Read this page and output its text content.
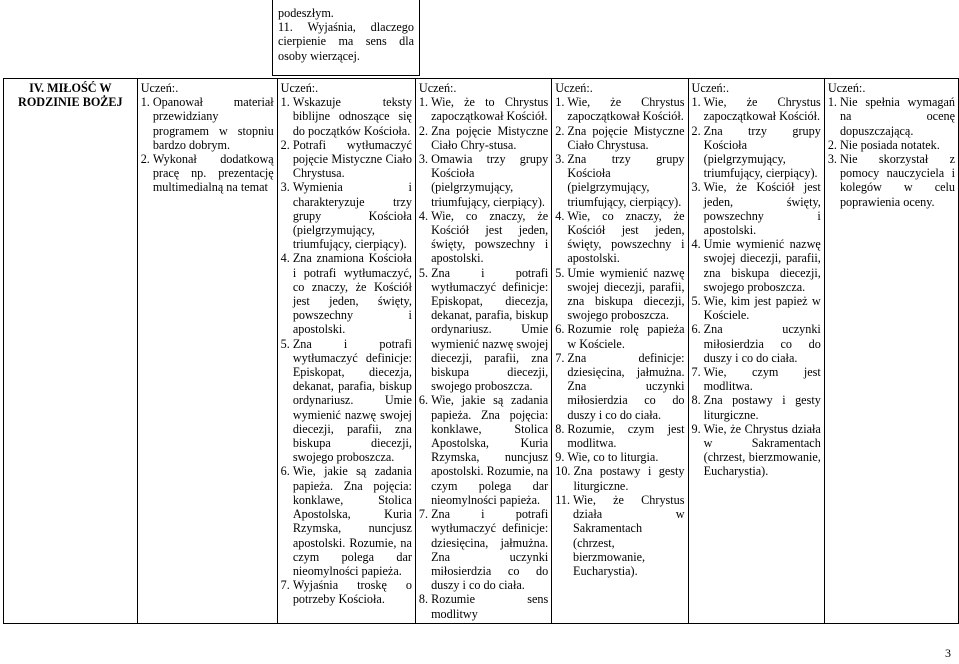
podeszłym.
11. Wyjaśnia, dlaczego cierpienie ma sens dla osoby wierzącej.
IV. MIŁOŚĆ W RODZINIE BOŻEJ

Uczeń:.
1. Opanował materiał przewidziany programem w stopniu bardzo dobrym.
2. Wykonał dodatkową pracę np. prezentację multimedialną na temat

Uczeń:.
1. Wskazuje teksty biblijne odnoszące się do początków Kościoła.
2. Potrafi wytłumaczyć pojęcie Mistyczne Ciało Chrystusa.
3. Wymienia i charakteryzuje trzy grupy Kościoła (pielgrzymujący, triumfujący, cierpiący).
4. Zna znamiona Kościoła i potrafi wytłumaczyć, co znaczy, że Kościół jest jeden, święty, powszechny i apostolski.
5. Zna i potrafi wytłumaczyć definicje: Episkopat, diecezja, dekanat, parafia, biskup ordynariusz. Umie wymienić nazwę swojej diecezji, parafii, zna biskupa diecezji, swojego proboszcza.
6. Wie, jakie są zadania papieża. Zna pojęcia: konklawe, Stolica Apostolska, Kuria Rzymska, nuncjusz apostolski. Rozumie, na czym polega dar nieomylności papieża.
7. Wyjaśnia troskę o potrzeby Kościoła.

Uczeń:.
1. Wie, że to Chrystus zapoczątkował Kościół.
2. Zna pojęcie Mistyczne Ciało Chry-stusa.
3. Omawia trzy grupy Kościoła (pielgrzymujący, triumfujący, cierpiący).
4. Wie, co znaczy, że Kościół jest jeden, święty, powszechny i apostolski.
5. Zna i potrafi wytłumaczyć definicje: Episkopat, diecezja, dekanat, parafia, biskup ordynariusz. Umie wymienić nazwę swojej diecezji, parafii, zna biskupa diecezji, swojego proboszcza.
6. Wie, jakie są zadania papieża. Zna pojęcia: konklawe, Stolica Apostolska, Kuria Rzymska, nuncjusz apostolski. Rozumie, na czym polega dar nieomylności papieża.
7. Zna i potrafi wytłumaczyć definicje: dziesięcina, jałmużna. Zna uczynki miłosierdzia co do duszy i co do ciała.
8. Rozumie sens modlitwy

Uczeń:.
1. Wie, że Chrystus zapoczątkował Kościół.
2. Zna pojęcie Mistyczne Ciało Chrystusa.
3. Zna trzy grupy Kościoła (pielgrzymujący, triumfujący, cierpiący).
4. Wie, co znaczy, że Kościół jest jeden, święty, powszechny i apostolski.
5. Umie wymienić nazwę swojej diecezji, parafii, zna biskupa diecezji, swojego proboszcza.
6. Rozumie rolę papieża w Kościele.
7. Zna definicje: dziesięcina, jałmużna. Zna uczynki miłosierdzia co do duszy i co do ciała.
8. Rozumie, czym jest modlitwa.
9. Wie, co to liturgia.
10. Zna postawy i gesty liturgiczne.
11. Wie, że Chrystus działa w Sakramentach (chrzest, bierzmowanie, Eucharystia).

Uczeń:.
1. Wie, że Chrystus zapoczątkował Kościół.
2. Zna trzy grupy Kościoła (pielgrzymujący, triumfujący, cierpiący).
3. Wie, że Kościół jest jeden, święty, powszechny i apostolski.
4. Umie wymienić nazwę swojej diecezji, parafii, zna biskupa diecezji, swojego proboszcza.
5. Wie, kim jest papież w Kościele.
6. Zna uczynki miłosierdzia co do duszy i co do ciała.
7. Wie, czym jest modlitwa.
8. Zna postawy i gesty liturgiczne.
9. Wie, że Chrystus działa w Sakramentach (chrzest, bierzmowanie, Eucharystia).

Uczeń:.
1. Nie spełnia wymagań na ocenę dopuszczającą.
2. Nie posiada notatek.
3. Nie skorzystał z pomocy nauczyciela i kolegów w celu poprawienia oceny.
3
